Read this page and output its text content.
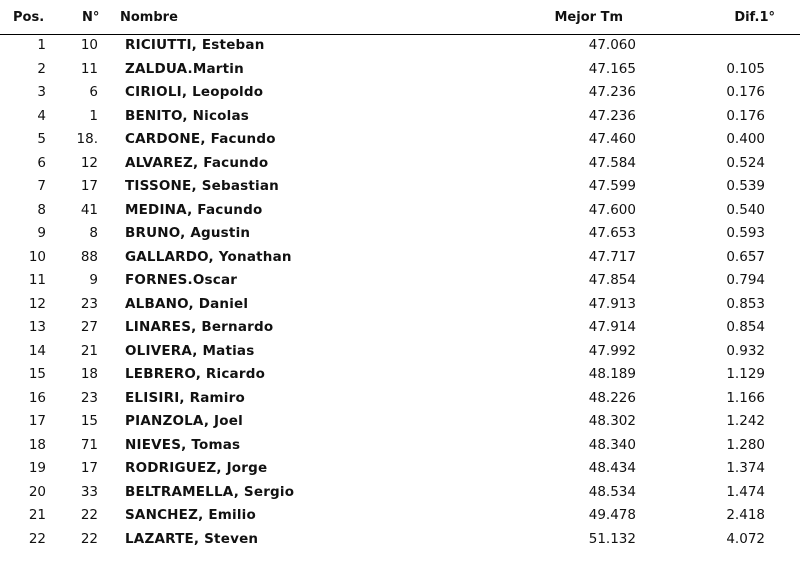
Pos.	N° Nombre	Mejor Tm	Dif.1°
1	10 RICIUTTI, Esteban	47.060
2	11 ZALDUA.Martin	47.165	0.105
3	6 CIRIOLI, Leopoldo	47.236	0.176
4	1 BENITO, Nicolas	47.236	0.176
5 18. CARDONE, Facundo	47.460	0.400
6	12 ALVAREZ, Facundo	47.584	0.524
7	17 TISSONE, Sebastian	47.599	0.539
8	41 MEDINA, Facundo	47.600	0.540
9	8 BRUNO, Agustin	47.653	0.593
10	88 GALLARDO, Yonathan	47.717	0.657
11	9 FORNES.Oscar	47.854	0.794
12	23 ALBANO, Daniel	47.913	0.853
13	27 LINARES, Bernardo	47.914	0.854
14	21 OLIVERA, Matias	47.992	0.932
15	18 LEBRERO, Ricardo	48.189	1.129
16	23 ELISIRI, Ramiro	48.226	1.166
17	15 PIANZOLA, Joel	48.302	1.242
18	71 NIEVES, Tomas	48.340	1.280
19	17 RODRIGUEZ, Jorge	48.434	1.374
20	33 BELTRAMELLA, Sergio	48.534	1.474
21	22 SANCHEZ, Emilio	49.478	2.418
22	22 LAZARTE, Steven	51.132	4.072
